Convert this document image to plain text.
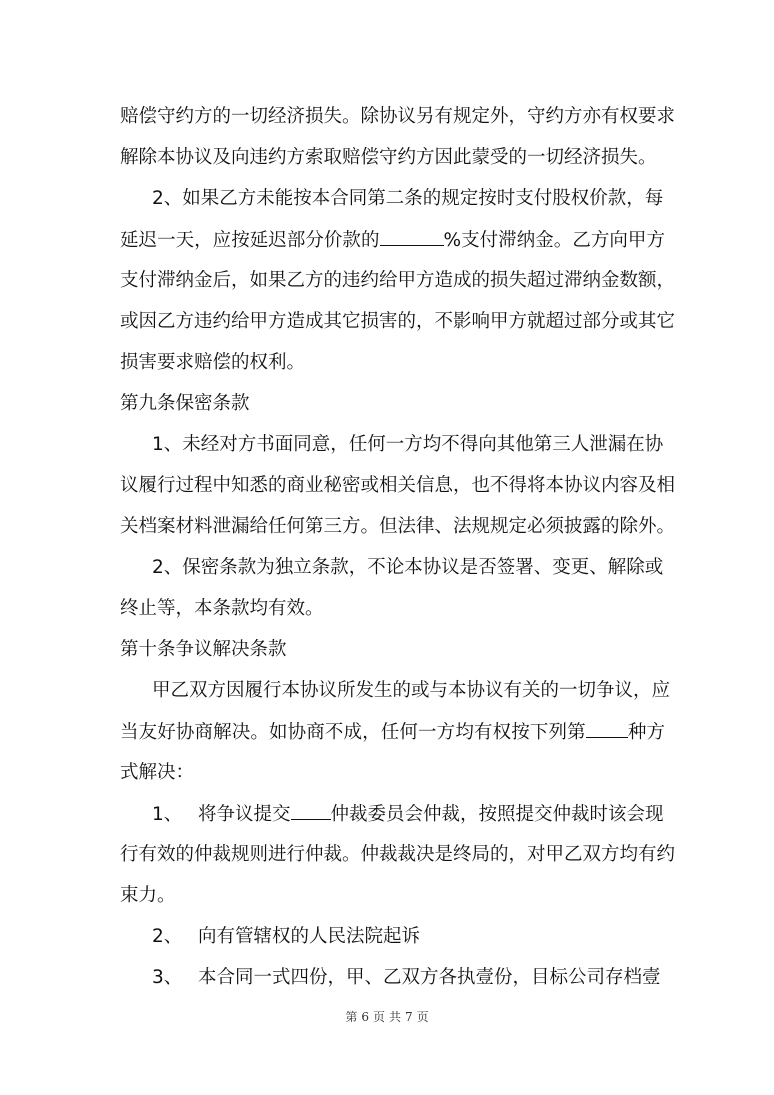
赔偿守约方的一切经济损失。除协议另有规定外，守约方亦有权要求
解除本协议及向违约方索取赔偿守约方因此蒙受的一切经济损失。
2、如果乙方未能按本合同第二条的规定按时支付股权价款，每
延迟一天，应按延迟部分价款的	%支付滞纳金。乙方向甲方
支付滞纳金后，如果乙方的违约给甲方造成的损失超过滞纳金数额，
或因乙方违约给甲方造成其它损害的，不影响甲方就超过部分或其它
损害要求赔偿的权利。
第九条保密条款
1、未经对方书面同意，任何一方均不得向其他第三人泄漏在协
议履行过程中知悉的商业秘密或相关信息，也不得将本协议内容及相
关档案材料泄漏给任何第三方。但法律、法规规定必须披露的除外。
2、保密条款为独立条款，不论本协议是否签署、变更、解除或
终止等，本条款均有效。
第十条争议解决条款
甲乙双方因履行本协议所发生的或与本协议有关的一切争议，应
当友好协商解决。如协商不成，任何一方均有权按下列第 种方
式解决：
1、 将争议提交 仲裁委员会仲裁，按照提交仲裁时该会现
行有效的仲裁规则进行仲裁。仲裁裁决是终局的，对甲乙双方均有约
束力。
2、 向有管辖权的人民法院起诉
3、 本合同一式四份，甲、乙双方各执壹份，目标公司存档壹
第 6 页 共 7 页
